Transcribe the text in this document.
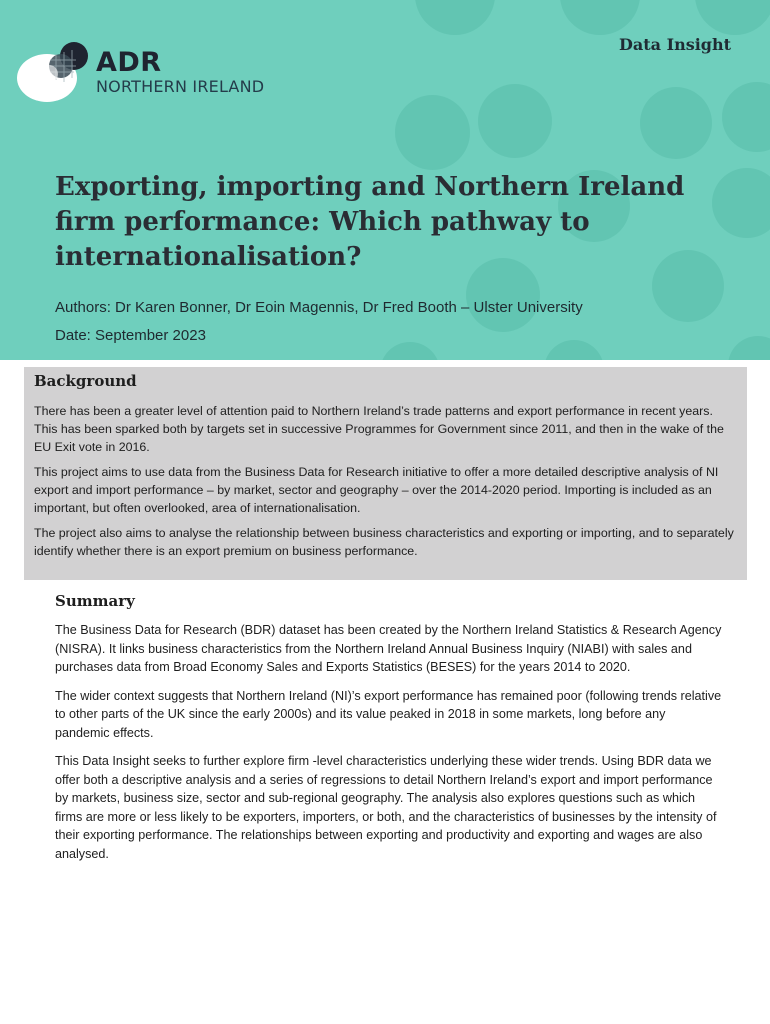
ADR
NORTHERN IRELAND
Data Insight
Exporting, importing and Northern Ireland firm performance: Which pathway to internationalisation?
Authors: Dr Karen Bonner, Dr Eoin Magennis, Dr Fred Booth – Ulster University
Date: September 2023
Background

There has been a greater level of attention paid to Northern Ireland’s trade patterns and export performance in recent years. This has been sparked both by targets set in successive Programmes for Government since 2011, and then in the wake of the EU Exit vote in 2016.

This project aims to use data from the Business Data for Research initiative to offer a more detailed descriptive analysis of NI export and import performance – by market, sector and geography – over the 2014-2020 period. Importing is included as an important, but often overlooked, area of internationalisation.

The project also aims to analyse the relationship between business characteristics and exporting or importing, and to separately identify whether there is an export premium on business performance.

Summary

The Business Data for Research (BDR) dataset has been created by the Northern Ireland Statistics & Research Agency (NISRA). It links business characteristics from the Northern Ireland Annual Business Inquiry (NIABI) with sales and purchases data from Broad Economy Sales and Exports Statistics (BESES) for the years 2014 to 2020.

The wider context suggests that Northern Ireland (NI)’s export performance has remained poor (following trends relative to other parts of the UK since the early 2000s) and its value peaked in 2018 in some markets, long before any pandemic effects.

This Data Insight seeks to further explore firm -level characteristics underlying these wider trends. Using BDR data we offer both a descriptive analysis and a series of regressions to detail Northern Ireland’s export and import performance by markets, business size, sector and sub-regional geography. The analysis also explores questions such as which firms are more or less likely to be exporters, importers, or both, and the characteristics of businesses by the intensity of their exporting performance. The relationships between exporting and productivity and exporting and wages are also analysed.
